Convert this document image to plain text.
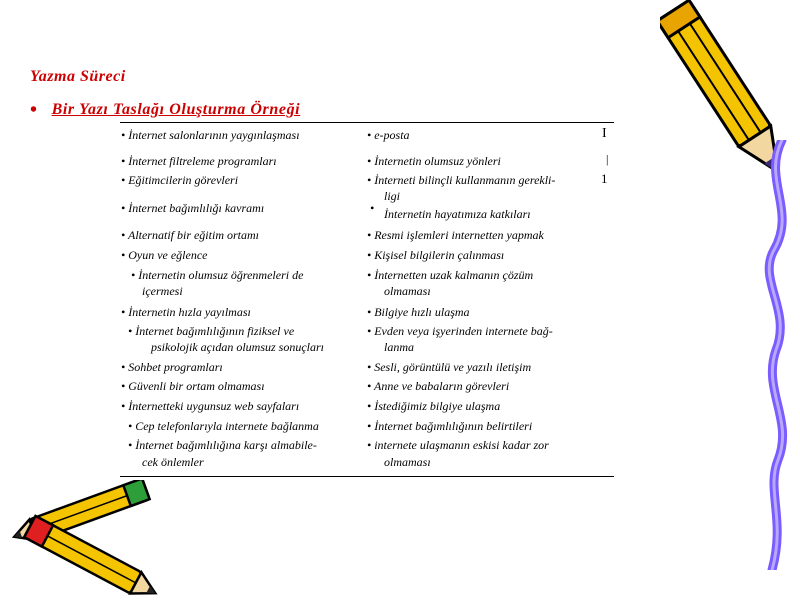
Yazma Süreci
• Bir Yazı Taslağı Oluşturma Örneği
• İnternet salonlarının yaygınlaşması
• İnternet filtreleme programları
• Eğitimcilerin görevleri
• İnternet bağımlılığı kavramı
• Alternatif bir eğitim ortamı
• Oyun ve eğlence
• İnternetin olumsuz öğrenmeleri de
içermesi
• İnternetin hızla yayılması
• İnternet bağımlılığının fiziksel ve
psikolojik açıdan olumsuz sonuçları
• Sohbet programları
• Güvenli bir ortam olmaması
• İnternetteki uygunsuz web sayfaları
• Cep telefonlarıyla internete bağlanma
• İnternet bağımlılığına karşı almabile-
cek önlemler
• e-posta
• İnternetin olumsuz yönleri
• İnterneti bilinçli kullanmanın gerekli-
ligi
• İnternetin hayatımıza katkıları
• Resmi işlemleri internetten yapmak
• Kişisel bilgilerin çalınması
• İnternetten uzak kalmanın çözüm
olmaması
• Bilgiye hızlı ulaşma
• Evden veya işyerinden internete bağ-
lanma
• Sesli, görüntülü ve yazılı iletişim
• Anne ve babaların görevleri
• İstediğimiz bilgiye ulaşma
• İnternet bağımlılığının belirtileri
• internete ulaşmanın eskisi kadar zor
olmaması
I
|
1
